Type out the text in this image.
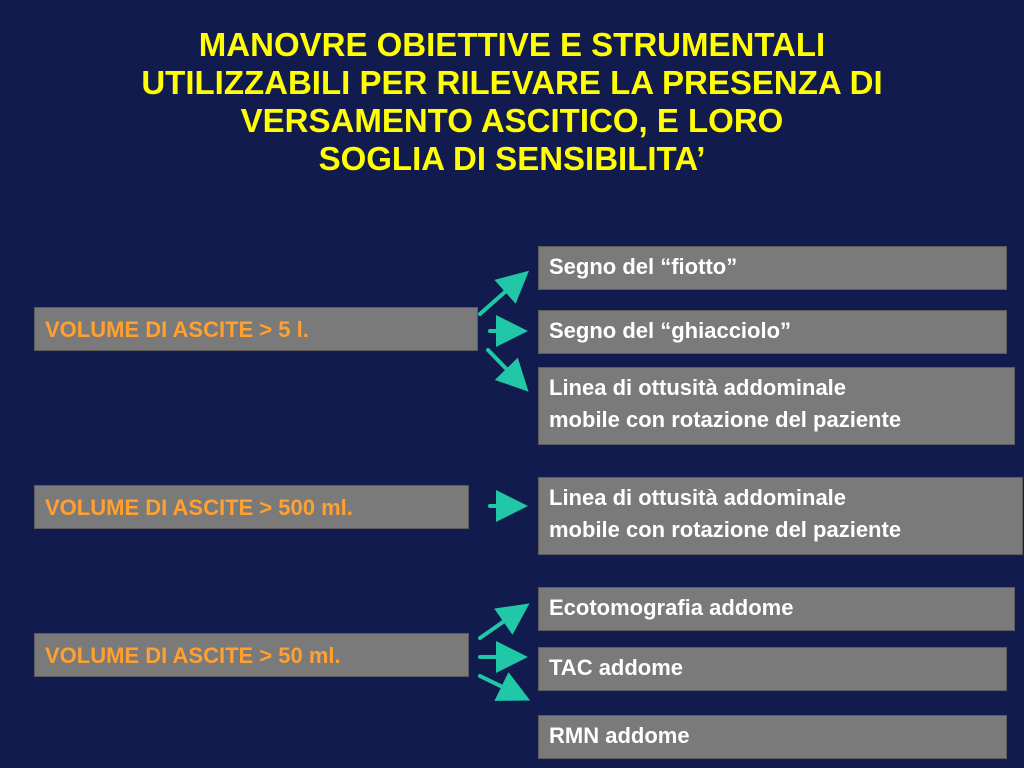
MANOVRE OBIETTIVE E STRUMENTALI
UTILIZZABILI PER RILEVARE LA PRESENZA DI
VERSAMENTO ASCITICO, E LORO
SOGLIA DI SENSIBILITA’
VOLUME DI ASCITE > 5 l.
Segno del “fiotto”
Segno del “ghiacciolo”
Linea di ottusità addominale
mobile con rotazione del paziente
VOLUME DI ASCITE > 500 ml.	Linea di ottusità addominale
mobile con rotazione del paziente
VOLUME DI ASCITE > 50 ml.
Ecotomografia addome
TAC addome
RMN addome
